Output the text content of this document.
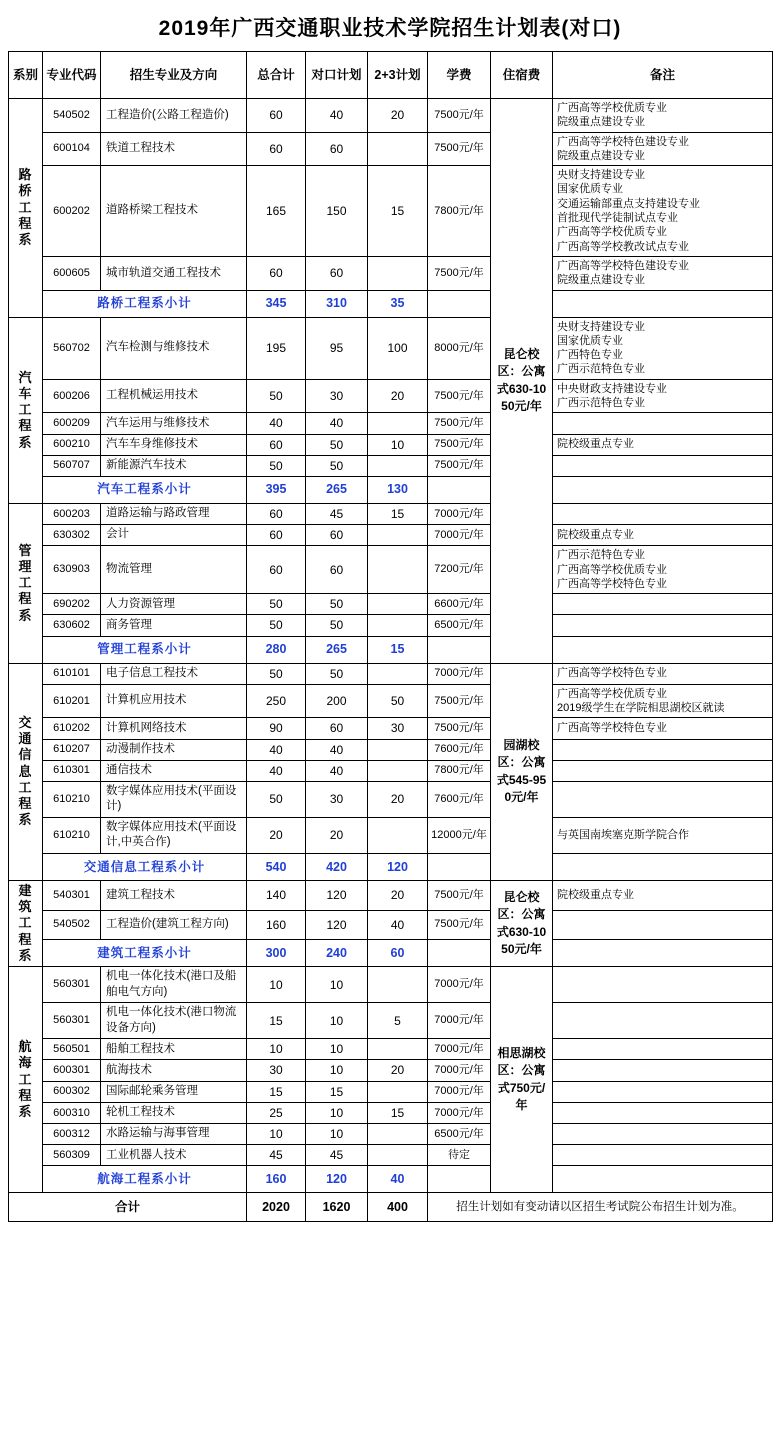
2019年广西交通职业技术学院招生计划表(对口)
系别	专业代码	招生专业及方向	总合计	对口计划	2+3计划	学费	住宿费	备注

路
桥
工
程
系
	540502	工程造价(公路工程造价)	60	40	20	7500元/年	昆仑校区：公寓式630-1050元/年	
广西高等学校优质专业
院级重点建设专业

	600104	铁道工程技术	60	60		7500元/年		广西高等学校特色建设专业
院级重点建设专业

600202	道路桥梁工程技术	165	150	15	7800元/年	
央财支持建设专业
国家优质专业
交通运输部重点支持建设专业
首批现代学徒制试点专业
广西高等学校优质专业
广西高等学校教改试点专业

	600605	城市轨道交通工程技术	60	60		7500元/年		广西高等学校特色建设专业
院级重点建设专业

	路桥工程系小计		345	310	35			

汽
车
工
程
系
	560702	汽车检测与维修技术	195	95	100	8000元/年	
央财支持建设专业
国家优质专业
广西特色专业
广西示范特色专业

	600206	工程机械运用技术	50	30	20	7500元/年		中央财政支持建设专业
广西示范特色专业

	600209	汽车运用与维修技术	40	40		7500元/年		
	600210	汽车车身维修技术	60	50	10	7500元/年		院校级重点专业

	560707	新能源汽车技术	50	50		7500元/年		
	汽车工程系小计		395	265	130			

管
理
工
程
系	600203	道路运输与路政管理	60	45	15	7000元/年		
	630302	会计	60	60		7000元/年		院校级重点专业

	630903	物流管理	60	60		7200元/年		广西示范特色专业
广西高等学校优质专业
广西高等学校特色专业

	690202	人力资源管理	50	50		6600元/年		
	630602	商务管理	50	50		6500元/年		
	管理工程系小计		280	265	15			

交
通
信
息
工
程
系
	610101	电子信息工程技术	50	50		7000元/年	园湖校区：公寓式545-950元/年	
广西高等学校特色专业

	610201	计算机应用技术	250	200	50	7500元/年		广西高等学校优质专业
2019级学生在学院相思湖校区就读

	610202	计算机网络技术	90	60	30	7500元/年		广西高等学校特色专业

	610207	动漫制作技术	40	40		7600元/年		
	610301	通信技术	40	40		7800元/年		
	610210	数字媒体应用技术(平面设计)	50	30	20	7600元/年		
	610210	数字媒体应用技术(平面设计,中英合作)	20	20		12000元/年		与英国南埃塞克斯学院合作

	交通信息工程系小计		540	420	120			

建
筑
工
程
系	540301	建筑工程技术	140	120	20	7500元/年	昆仑校区：公寓式630-1050元/年	院校级重点专业

	540502	工程造价(建筑工程方向)	160	120	40	7500元/年		
	建筑工程系小计		300	240	60			

航
海
工
程
系	560301	机电一体化技术(港口及船舶电气方向)	10	10		7000元/年	相思湖校区：公寓式750元/年	
	560301	机电一体化技术(港口物流设备方向)	15	10	5	7000元/年		
	560501	船舶工程技术	10	10		7000元/年		
	600301	航海技术	30	10	20	7000元/年		
	600302	国际邮轮乘务管理	15	15		7000元/年		
	600310	轮机工程技术	25	10	15	7000元/年		
	600312	水路运输与海事管理	10	10		6500元/年		
	560309	工业机器人技术	45	45		待定		
	航海工程系小计		160	120	40			
合计			2020	1620	400	招生计划如有变动请以区招生考试院公布招生计划为准。		
